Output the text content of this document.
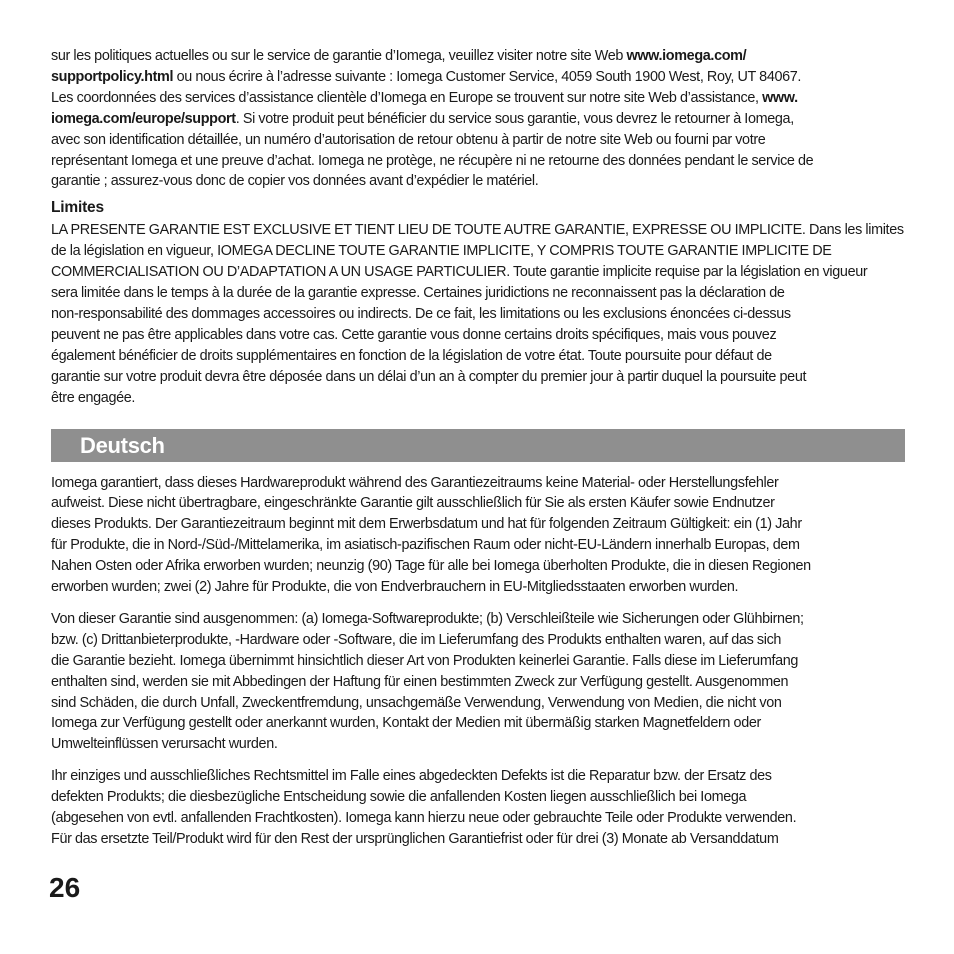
sur les politiques actuelles ou sur le service de garantie d’Iomega, veuillez visiter notre site Web www.iomega.com/
supportpolicy.html ou nous écrire à l’adresse suivante : Iomega Customer Service, 4059 South 1900 West, Roy, UT 84067.
Les coordonnées des services d’assistance clientèle d’Iomega en Europe se trouvent sur notre site Web d’assistance, www.
iomega.com/europe/support. Si votre produit peut bénéficier du service sous garantie, vous devrez le retourner à Iomega,
avec son identification détaillée, un numéro d’autorisation de retour obtenu à partir de notre site Web ou fourni par votre
représentant Iomega et une preuve d’achat. Iomega ne protège, ne récupère ni ne retourne des données pendant le service de
garantie ; assurez-vous donc de copier vos données avant d’expédier le matériel.

Limites

LA PRESENTE GARANTIE EST EXCLUSIVE ET TIENT LIEU DE TOUTE AUTRE GARANTIE, EXPRESSE OU IMPLICITE. Dans les limites
de la législation en vigueur, IOMEGA DECLINE TOUTE GARANTIE IMPLICITE, Y COMPRIS TOUTE GARANTIE IMPLICITE DE
COMMERCIALISATION OU D’ADAPTATION A UN USAGE PARTICULIER. Toute garantie implicite requise par la législation en vigueur
sera limitée dans le temps à la durée de la garantie expresse. Certaines juridictions ne reconnaissent pas la déclaration de
non-responsabilité des dommages accessoires ou indirects. De ce fait, les limitations ou les exclusions énoncées ci-dessus
peuvent ne pas être applicables dans votre cas. Cette garantie vous donne certains droits spécifiques, mais vous pouvez
également bénéficier de droits supplémentaires en fonction de la législation de votre état. Toute poursuite pour défaut de
garantie sur votre produit devra être déposée dans un délai d’un an à compter du premier jour à partir duquel la poursuite peut
être engagée.

Deutsch

Iomega garantiert, dass dieses Hardwareprodukt während des Garantiezeitraums keine Material- oder Herstellungsfehler
aufweist. Diese nicht übertragbare, eingeschränkte Garantie gilt ausschließlich für Sie als ersten Käufer sowie Endnutzer
dieses Produkts. Der Garantiezeitraum beginnt mit dem Erwerbsdatum und hat für folgenden Zeitraum Gültigkeit: ein (1) Jahr
für Produkte, die in Nord-/Süd-/Mittelamerika, im asiatisch-pazifischen Raum oder nicht-EU-Ländern innerhalb Europas, dem
Nahen Osten oder Afrika erworben wurden; neunzig (90) Tage für alle bei Iomega überholten Produkte, die in diesen Regionen
erworben wurden; zwei (2) Jahre für Produkte, die von Endverbrauchern in EU-Mitgliedsstaaten erworben wurden.

Von dieser Garantie sind ausgenommen: (a) Iomega-Softwareprodukte; (b) Verschleißteile wie Sicherungen oder Glühbirnen;
bzw. (c) Drittanbieterprodukte, -Hardware oder -Software, die im Lieferumfang des Produkts enthalten waren, auf das sich
die Garantie bezieht. Iomega übernimmt hinsichtlich dieser Art von Produkten keinerlei Garantie. Falls diese im Lieferumfang
enthalten sind, werden sie mit Abbedingen der Haftung für einen bestimmten Zweck zur Verfügung gestellt. Ausgenommen
sind Schäden, die durch Unfall, Zweckentfremdung, unsachgemäße Verwendung, Verwendung von Medien, die nicht von
Iomega zur Verfügung gestellt oder anerkannt wurden, Kontakt der Medien mit übermäßig starken Magnetfeldern oder
Umwelteinflüssen verursacht wurden.

Ihr einziges und ausschließliches Rechtsmittel im Falle eines abgedeckten Defekts ist die Reparatur bzw. der Ersatz des
defekten Produkts; die diesbezügliche Entscheidung sowie die anfallenden Kosten liegen ausschließlich bei Iomega
(abgesehen von evtl. anfallenden Frachtkosten). Iomega kann hierzu neue oder gebrauchte Teile oder Produkte verwenden.
Für das ersetzte Teil/Produkt wird für den Rest der ursprünglichen Garantiefrist oder für drei (3) Monate ab Versanddatum

26
